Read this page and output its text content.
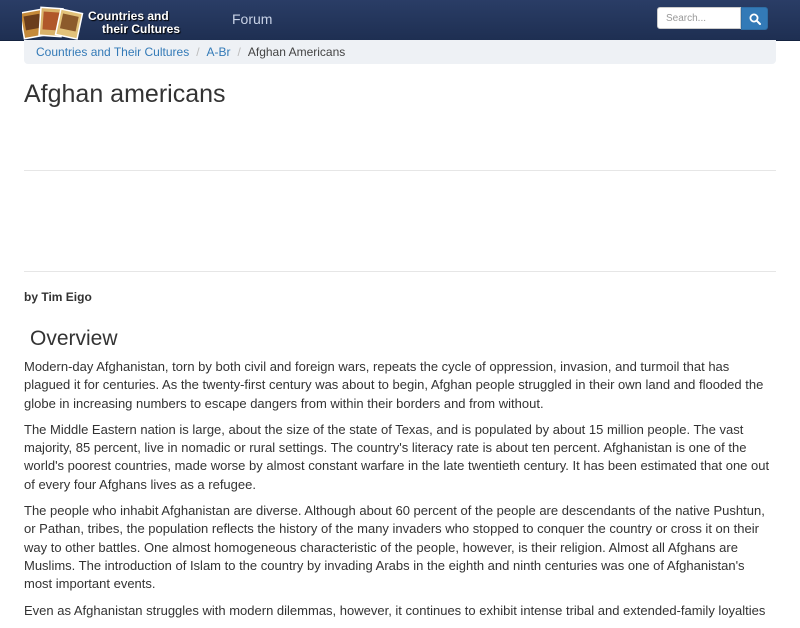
Countries and
their Cultures
Forum
Search...
Countries and Their Cultures / A-Br / Afghan Americans
Afghan americans
by Tim Eigo
Overview

Modern-day Afghanistan, torn by both civil and foreign wars, repeats the cycle of oppression, invasion, and turmoil that has plagued it for centuries. As the twenty-first century was about to begin, Afghan people struggled in their own land and flooded the globe in increasing numbers to escape dangers from within their borders and from without.

The Middle Eastern nation is large, about the size of the state of Texas, and is populated by about 15 million people. The vast majority, 85 percent, live in nomadic or rural settings. The country's literacy rate is about ten percent. Afghanistan is one of the world's poorest countries, made worse by almost constant warfare in the late twentieth century. It has been estimated that one out of every four Afghans lives as a refugee.

The people who inhabit Afghanistan are diverse. Although about 60 percent of the people are descendants of the native Pushtun, or Pathan, tribes, the population reflects the history of the many invaders who stopped to conquer the country or cross it on their way to other battles. One almost homogeneous characteristic of the people, however, is their religion. Almost all Afghans are Muslims. The introduction of Islam to the country by invading Arabs in the eighth and ninth centuries was one of Afghanistan's most important events.

Even as Afghanistan struggles with modern dilemmas, however, it continues to exhibit intense tribal and extended-family loyalties
